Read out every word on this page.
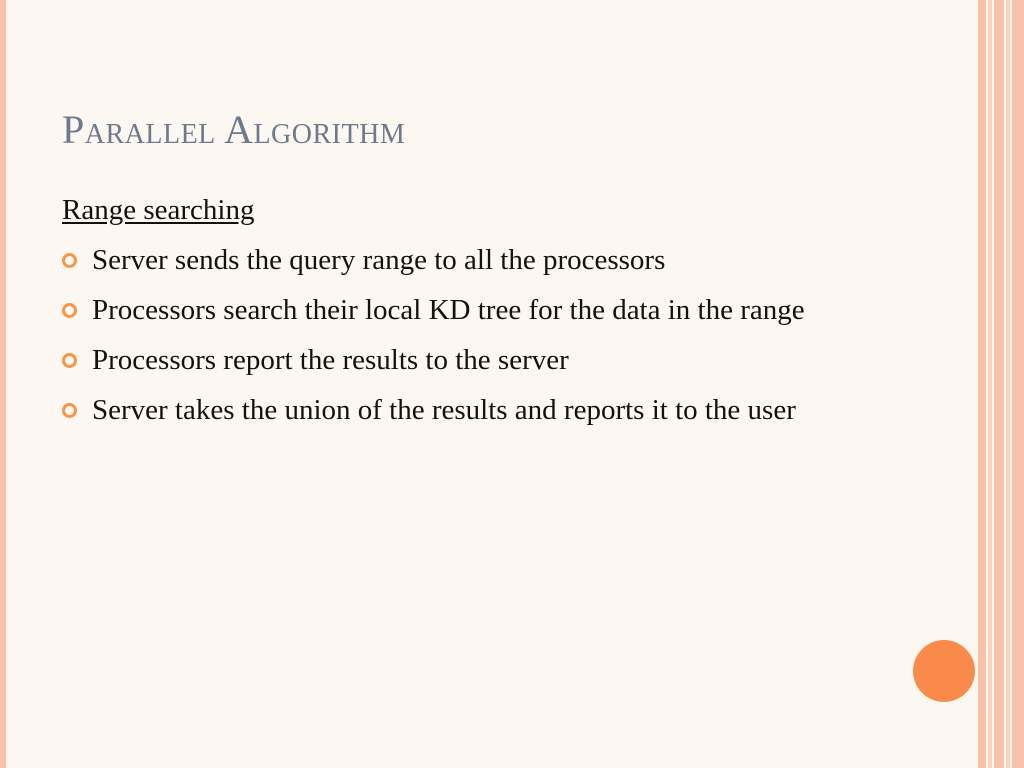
Parallel Algorithm
Range searching
Server sends the query range to all the processors
Processors search their local KD tree for the data in the range
Processors report the results to the server
Server takes the union of the results and reports it to the user
